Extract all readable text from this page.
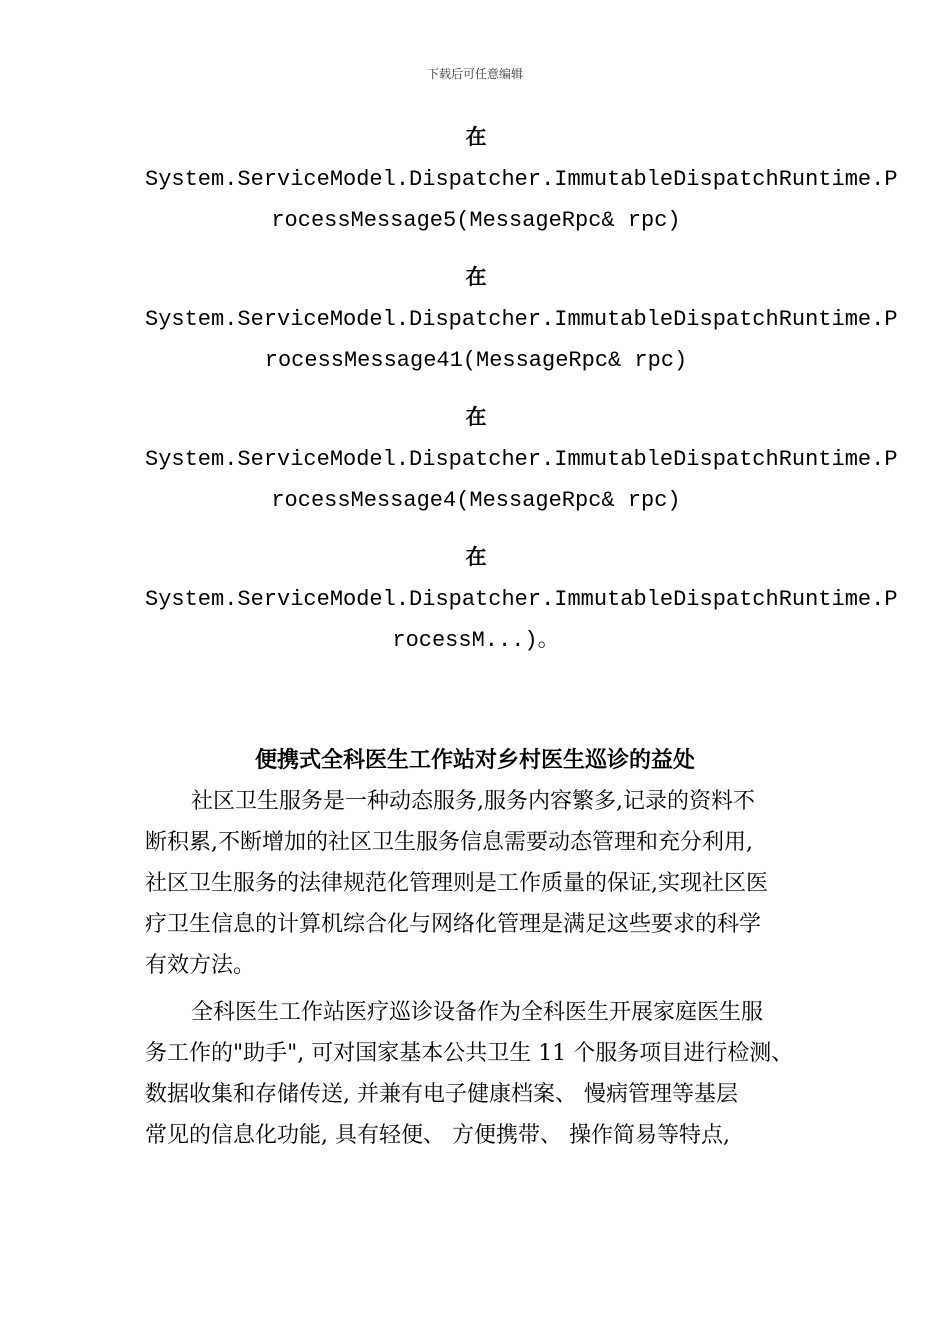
下载后可任意编辑

在

System.ServiceModel.Dispatcher.ImmutableDispatchRuntime.P

rocessMessage5(MessageRpc& rpc)

在

System.ServiceModel.Dispatcher.ImmutableDispatchRuntime.P

rocessMessage41(MessageRpc& rpc)

在

System.ServiceModel.Dispatcher.ImmutableDispatchRuntime.P

rocessMessage4(MessageRpc& rpc)

在

System.ServiceModel.Dispatcher.ImmutableDispatchRuntime.P

rocessM...)。

便携式全科医生工作站对乡村医生巡诊的益处

社区卫生服务是一种动态服务,服务内容繁多,记录的资料不
断积累,不断增加的社区卫生服务信息需要动态管理和充分利用,
社区卫生服务的法律规范化管理则是工作质量的保证,实现社区医
疗卫生信息的计算机综合化与网络化管理是满足这些要求的科学
有效方法。

全科医生工作站医疗巡诊设备作为全科医生开展家庭医生服
务工作的"助手", 可对国家基本公共卫生 11 个服务项目进行检测、
数据收集和存储传送, 并兼有电子健康档案、 慢病管理等基层
常见的信息化功能, 具有轻便、 方便携带、 操作简易等特点,
